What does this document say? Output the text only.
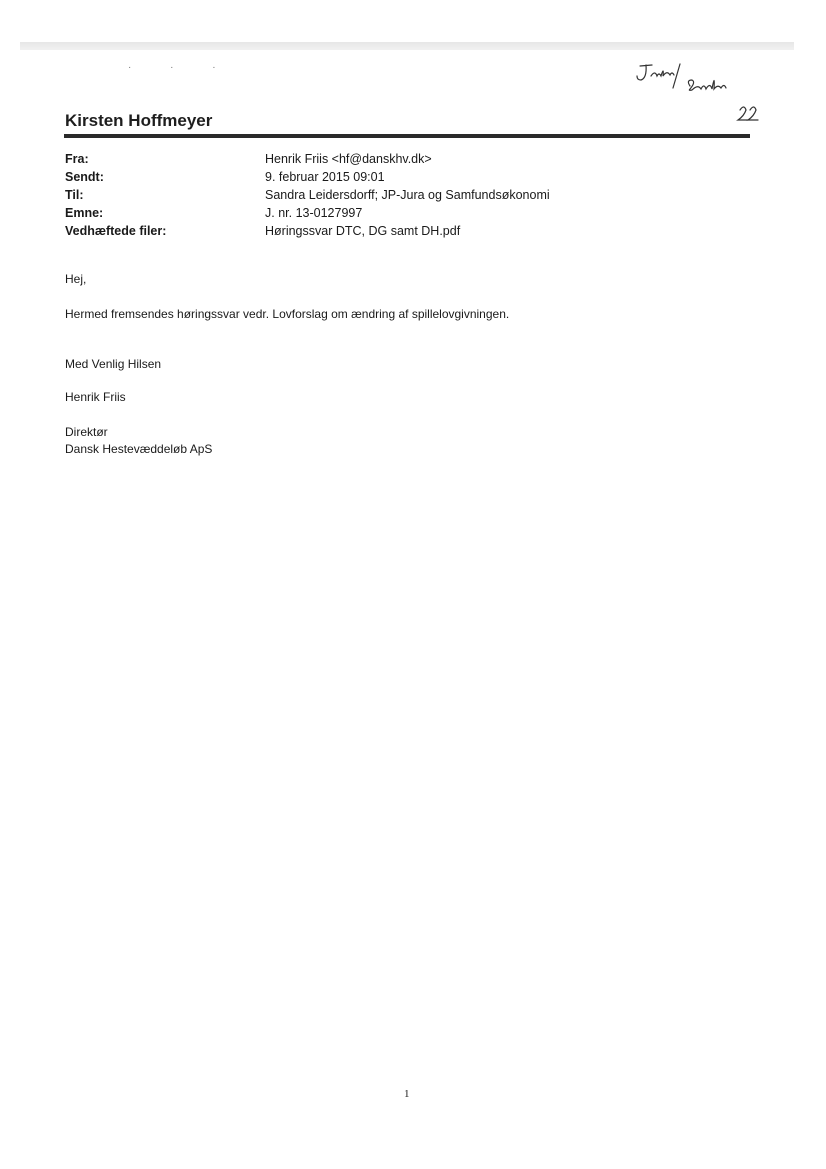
· · ·
Kirsten Hoffmeyer
Fra:	Henrik Friis <hf@danskhv.dk>
Sendt:	9. februar 2015 09:01
Til:	Sandra Leidersdorff; JP-Jura og Samfundsøkonomi
Emne:	J. nr. 13-0127997
Vedhæftede filer:	Høringssvar DTC, DG samt DH.pdf
Hej,
Hermed fremsendes høringssvar vedr. Lovforslag om ændring af spillelovgivningen.
Med Venlig Hilsen
Henrik Friis
Direktør
Dansk Hestevæddeløb ApS
1
